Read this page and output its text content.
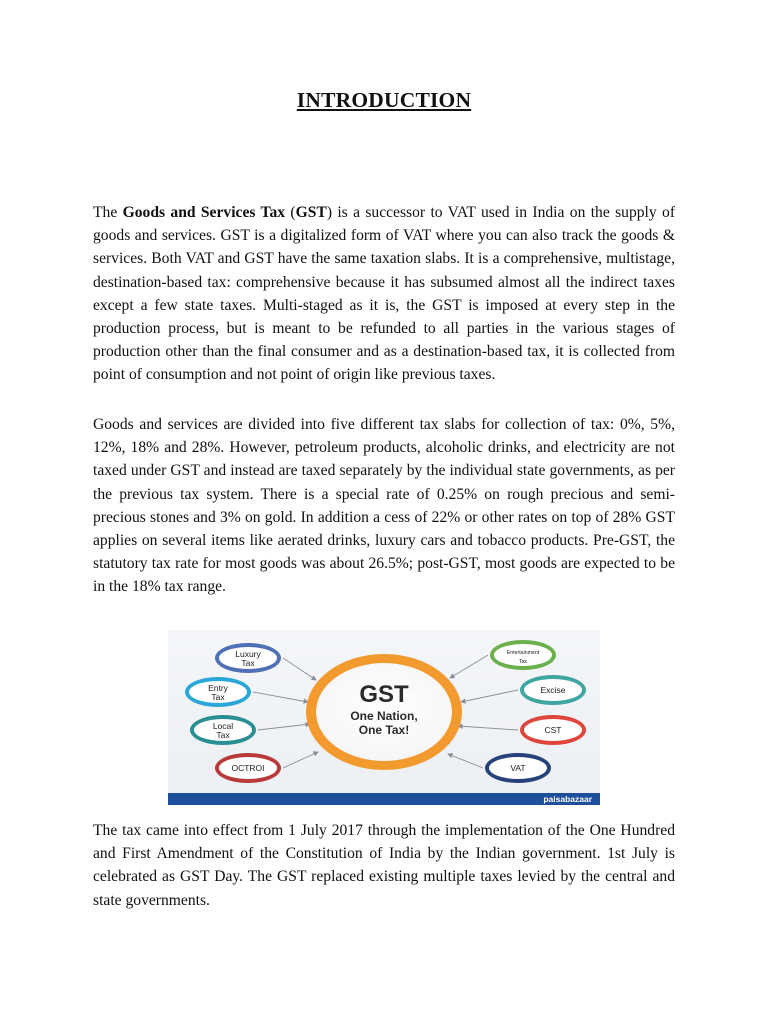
INTRODUCTION

The Goods and Services Tax (GST) is a successor to VAT used in India on the supply of goods and services. GST is a digitalized form of VAT where you can also track the goods & services. Both VAT and GST have the same taxation slabs. It is a comprehensive, multistage, destination-based tax: comprehensive because it has subsumed almost all the indirect taxes except a few state taxes. Multi-staged as it is, the GST is imposed at every step in the production process, but is meant to be refunded to all parties in the various stages of production other than the final consumer and as a destination-based tax, it is collected from point of consumption and not point of origin like previous taxes.

Goods and services are divided into five different tax slabs for collection of tax: 0%, 5%, 12%, 18% and 28%. However, petroleum products, alcoholic drinks, and electricity are not taxed under GST and instead are taxed separately by the individual state governments, as per the previous tax system. There is a special rate of 0.25% on rough precious and semi-precious stones and 3% on gold. In addition a cess of 22% or other rates on top of 28% GST applies on several items like aerated drinks, luxury cars and tobacco products. Pre-GST, the statutory tax rate for most goods was about 26.5%; post-GST, most goods are expected to be in the 18% tax range.

GST
One Nation,
One Tax!
Luxury
Tax
Entry
Tax
Local
Tax
OCTROI
Entertainment
Tax
Excise
CST
VAT
paisabazaar

The tax came into effect from 1 July 2017 through the implementation of the One Hundred and First Amendment of the Constitution of India by the Indian government. 1st July is celebrated as GST Day. The GST replaced existing multiple taxes levied by the central and state governments.
